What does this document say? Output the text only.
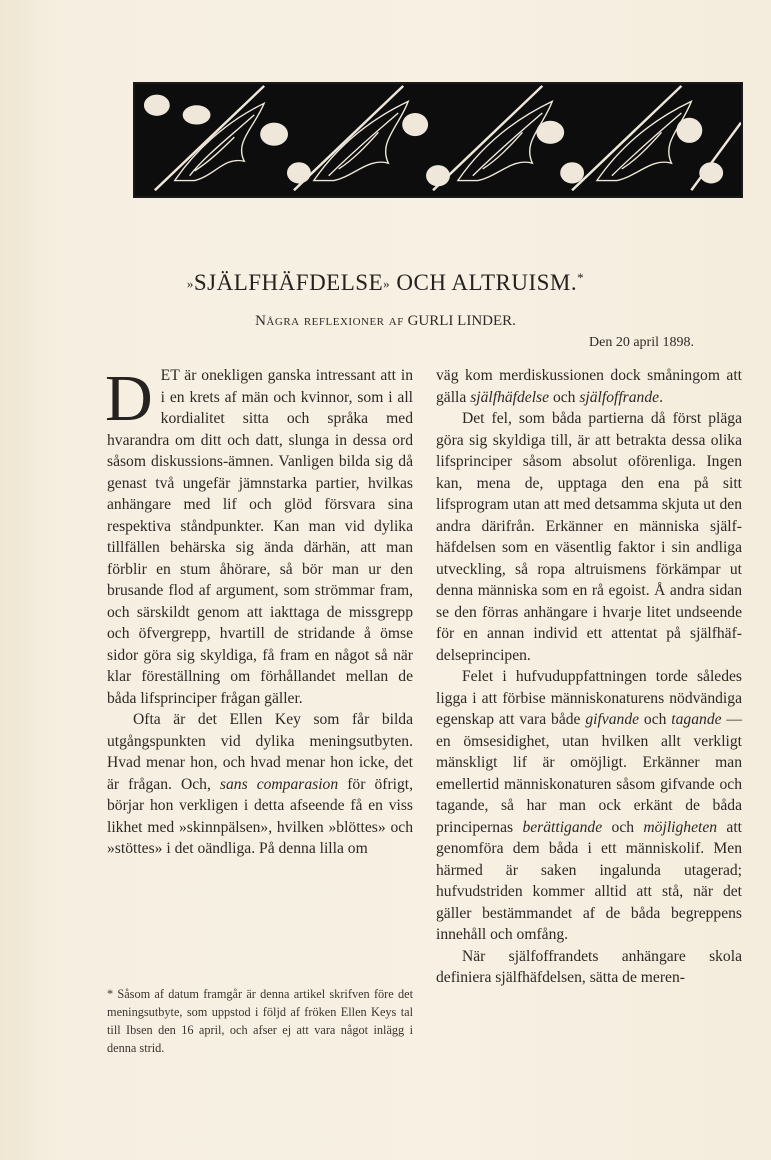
»SJÄLFHÄFDELSE» OCH ALTRUISM.*
Några reflexioner af GURLI LINDER.
Den 20 april 1898.

DET är onekligen ganska intressant att in i en krets af män och kvinnor, som i all kordialitet sitta och språka med hvarandra om ditt och datt, slunga in dessa ord såsom diskussions-ämnen. Vanligen bilda sig då genast två ungefär jämnstarka partier, hvilkas anhängare med lif och glöd försvara sina respektiva ståndpunkter. Kan man vid dylika tillfällen behärska sig ända därhän, att man förblir en stum åhörare, så bör man ur den brusande flod af argument, som strömmar fram, och särskildt genom att iakttaga de missgrepp och öfvergrepp, hvartill de stridande å ömse sidor göra sig skyldiga, få fram en något så när klar föreställning om förhållandet mellan de båda lifsprinciper frågan gäller.

Ofta är det Ellen Key som får bilda utgångspunkten vid dylika meningsutbyten. Hvad menar hon, och hvad menar hon icke, det är frågan. Och, sans comparasion för öfrigt, börjar hon verkligen i detta afseende få en viss likhet med »skinnpälsen», hvilken »blöttes» och »stöttes» i det oändliga. På denna lilla om

* Såsom af datum framgår är denna artikel skrifven före det meningsutbyte, som uppstod i följd af fröken Ellen Keys tal till Ibsen den 16 april, och afser ej att vara något inlägg i denna strid.

väg kom merdiskussionen dock småningom att gälla själfhäfdelse och själfoffrande.

Det fel, som båda partierna då först pläga göra sig skyldiga till, är att betrakta dessa olika lifsprinciper såsom absolut oförenliga. Ingen kan, mena de, upptaga den ena på sitt lifsprogram utan att med detsamma skjuta ut den andra därifrån. Erkänner en människa själfhäfdelsen som en väsentlig faktor i sin andliga utveckling, så ropa altruismens förkämpar ut denna människa som en rå egoist. Å andra sidan se den förras anhängare i hvarje litet undseende för en annan individ ett attentat på själfhäfdelseprincipen.

Felet i hufvuduppfattningen torde således ligga i att förbise människonaturens nödvändiga egenskap att vara både gifvande och tagande — en ömsesidighet, utan hvilken allt verkligt mänskligt lif är omöjligt. Erkänner man emellertid människonaturen såsom gifvande och tagande, så har man ock erkänt de båda principernas berättigande och möjligheten att genomföra dem båda i ett människolif. Men härmed är saken ingalunda utagerad; hufvudstriden kommer alltid att stå, när det gäller bestämmandet af de båda begreppens innehåll och omfång.

När själfoffrandets anhängare skola definiera själfhäfdelsen, sätta de meren-
